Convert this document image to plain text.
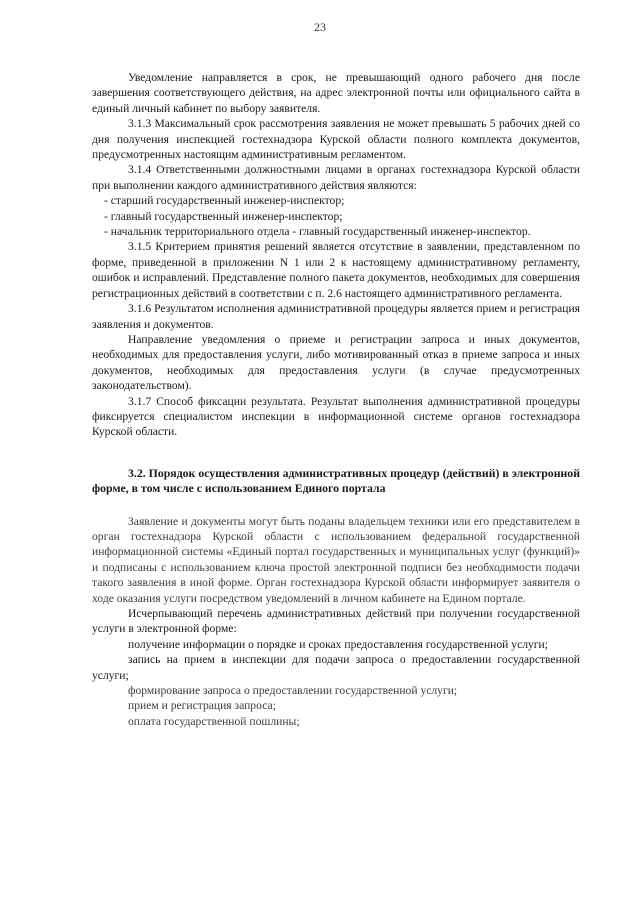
23

Уведомление направляется в срок, не превышающий одного рабочего дня после завершения соответствующего действия, на адрес электронной почты или официального сайта в единый личный кабинет по выбору заявителя.

3.1.3 Максимальный срок рассмотрения заявления не может превышать 5 рабочих дней со дня получения инспекцией гостехнадзора Курской области полного комплекта документов, предусмотренных настоящим административным регламентом.

3.1.4 Ответственными должностными лицами в органах гостехнадзора Курской области при выполнении каждого административного действия являются:

- старший государственный инженер-инспектор;

- главный государственный инженер-инспектор;

- начальник территориального отдела - главный государственный инженер-инспектор.

3.1.5 Критерием принятия решений является отсутствие в заявлении, представленном по форме, приведенной в приложении N 1 или 2 к настоящему административному регламенту, ошибок и исправлений. Представление полного пакета документов, необходимых для совершения регистрационных действий в соответствии с п. 2.6 настоящего административного регламента.

3.1.6 Результатом исполнения административной процедуры является прием и регистрация заявления и документов.

Направление уведомления о приеме и регистрации запроса и иных документов, необходимых для предоставления услуги, либо мотивированный отказ в приеме запроса и иных документов, необходимых для предоставления услуги (в случае предусмотренных законодательством).

3.1.7 Способ фиксации результата. Результат выполнения административной процедуры фиксируется специалистом инспекции в информационной системе органов гостехнадзора Курской области.

3.2. Порядок осуществления административных процедур (действий) в электронной форме, в том числе с использованием Единого портала

Заявление и документы могут быть поданы владельцем техники или его представителем в орган гостехнадзора Курской области с использованием федеральной государственной информационной системы «Единый портал государственных и муниципальных услуг (функций)» и подписаны с использованием ключа простой электронной подписи без необходимости подачи такого заявления в иной форме. Орган гостехнадзора Курской области информирует заявителя о ходе оказания услуги посредством уведомлений в личном кабинете на Едином портале.

Исчерпывающий перечень административных действий при получении государственной услуги в электронной форме:

получение информации о порядке и сроках предоставления государственной услуги;

запись на прием в инспекции для подачи запроса о предоставлении государственной услуги;

формирование запроса о предоставлении государственной услуги;

прием и регистрация запроса;

оплата государственной пошлины;
